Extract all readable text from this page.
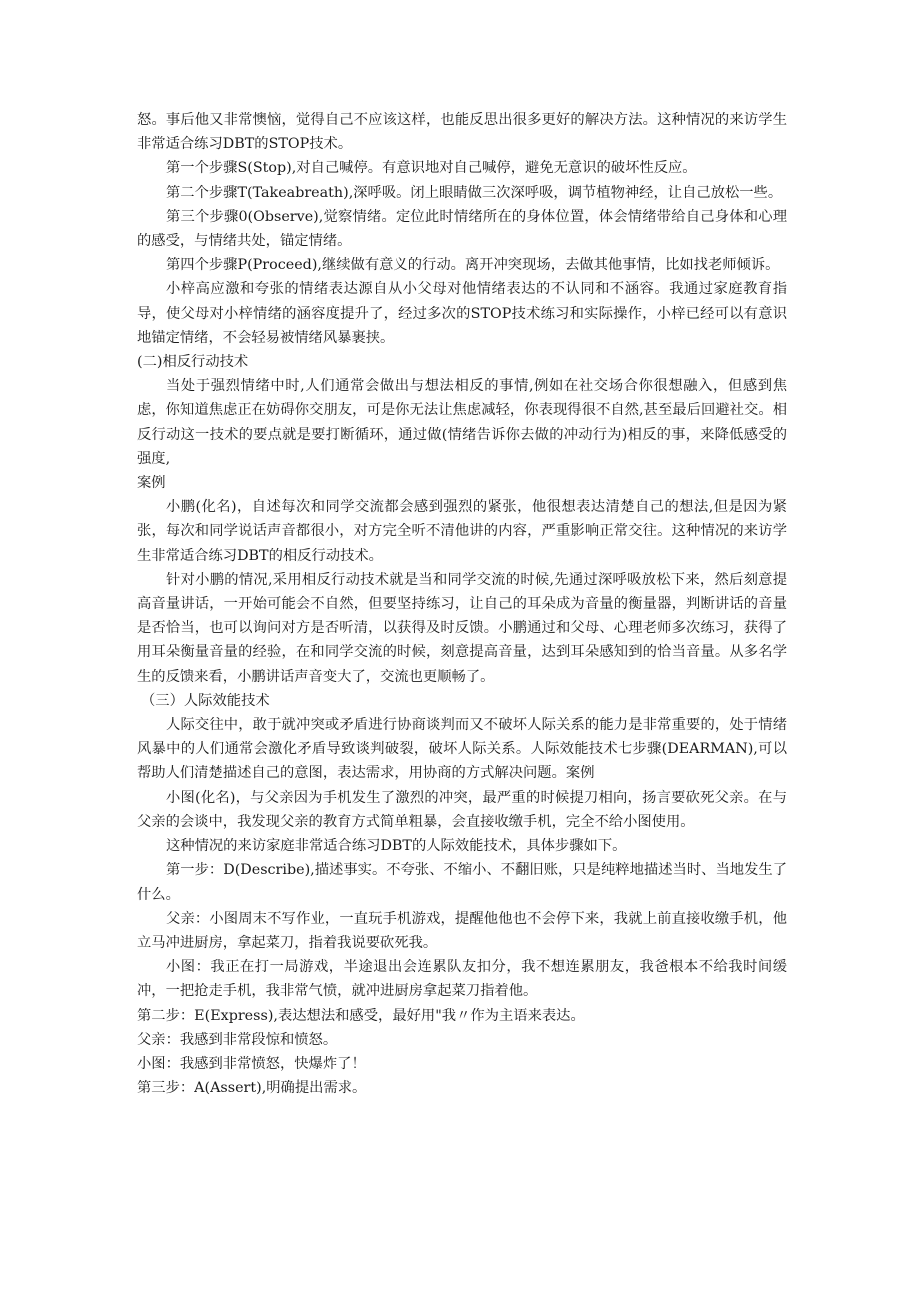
怒。事后他又非常懊恼，觉得自己不应该这样，也能反思出很多更好的解决方法。这种情况的来访学生非常适合练习DBT的STOP技术。

第一个步骤S(Stop),对自己喊停。有意识地对自己喊停，避免无意识的破坏性反应。

第二个步骤T(Takeabreath),深呼吸。闭上眼睛做三次深呼吸，调节植物神经，让自己放松一些。

第三个步骤0(Observe),觉察情绪。定位此时情绪所在的身体位置，体会情绪带给自己身体和心理的感受，与情绪共处，锚定情绪。

第四个步骤P(Proceed),继续做有意义的行动。离开冲突现场，去做其他事情，比如找老师倾诉。

小梓高应激和夸张的情绪表达源自从小父母对他情绪表达的不认同和不涵容。我通过家庭教育指导，使父母对小梓情绪的涵容度提升了，经过多次的STOP技术练习和实际操作，小梓已经可以有意识地锚定情绪，不会轻易被情绪风暴裹挟。

(二)相反行动技术

当处于强烈情绪中时,人们通常会做出与想法相反的事情,例如在社交场合你很想融入，但感到焦虑，你知道焦虑正在妨碍你交朋友，可是你无法让焦虑减轻，你表现得很不自然,甚至最后回避社交。相反行动这一技术的要点就是要打断循环，通过做(情绪告诉你去做的冲动行为)相反的事，来降低感受的强度,

案例

小鹏(化名)，自述每次和同学交流都会感到强烈的紧张，他很想表达清楚自己的想法,但是因为紧张，每次和同学说话声音都很小，对方完全听不清他讲的内容，严重影响正常交往。这种情况的来访学生非常适合练习DBT的相反行动技术。

针对小鹏的情况,采用相反行动技术就是当和同学交流的时候,先通过深呼吸放松下来，然后刻意提高音量讲话，一开始可能会不自然，但要坚持练习，让自己的耳朵成为音量的衡量器，判断讲话的音量是否恰当，也可以询问对方是否听清，以获得及时反馈。小鹏通过和父母、心理老师多次练习，获得了用耳朵衡量音量的经验，在和同学交流的时候，刻意提高音量，达到耳朵感知到的恰当音量。从多名学生的反馈来看，小鹏讲话声音变大了，交流也更顺畅了。

（三）人际效能技术

人际交往中，敢于就冲突或矛盾进行协商谈判而又不破坏人际关系的能力是非常重要的，处于情绪风暴中的人们通常会激化矛盾导致谈判破裂，破坏人际关系。人际效能技术七步骤(DEARMAN),可以帮助人们清楚描述自己的意图，表达需求，用协商的方式解决问题。案例

小图(化名)，与父亲因为手机发生了激烈的冲突，最严重的时候提刀相向，扬言要砍死父亲。在与父亲的会谈中，我发现父亲的教育方式简单粗暴，会直接收缴手机，完全不给小图使用。

这种情况的来访家庭非常适合练习DBT的人际效能技术，具体步骤如下。

第一步：D(Describe),描述事实。不夸张、不缩小、不翻旧账，只是纯粹地描述当时、当地发生了什么。

父亲：小图周末不写作业，一直玩手机游戏，提醒他他也不会停下来，我就上前直接收缴手机，他立马冲进厨房，拿起菜刀，指着我说要砍死我。

小图：我正在打一局游戏，半途退出会连累队友扣分，我不想连累朋友，我爸根本不给我时间缓冲，一把抢走手机，我非常气愤，就冲进厨房拿起菜刀指着他。

第二步：E(Express),表达想法和感受，最好用"我〃作为主语来表达。

父亲：我感到非常段惊和愤怒。

小图：我感到非常愤怒，快爆炸了！

第三步：A(Assert),明确提出需求。
